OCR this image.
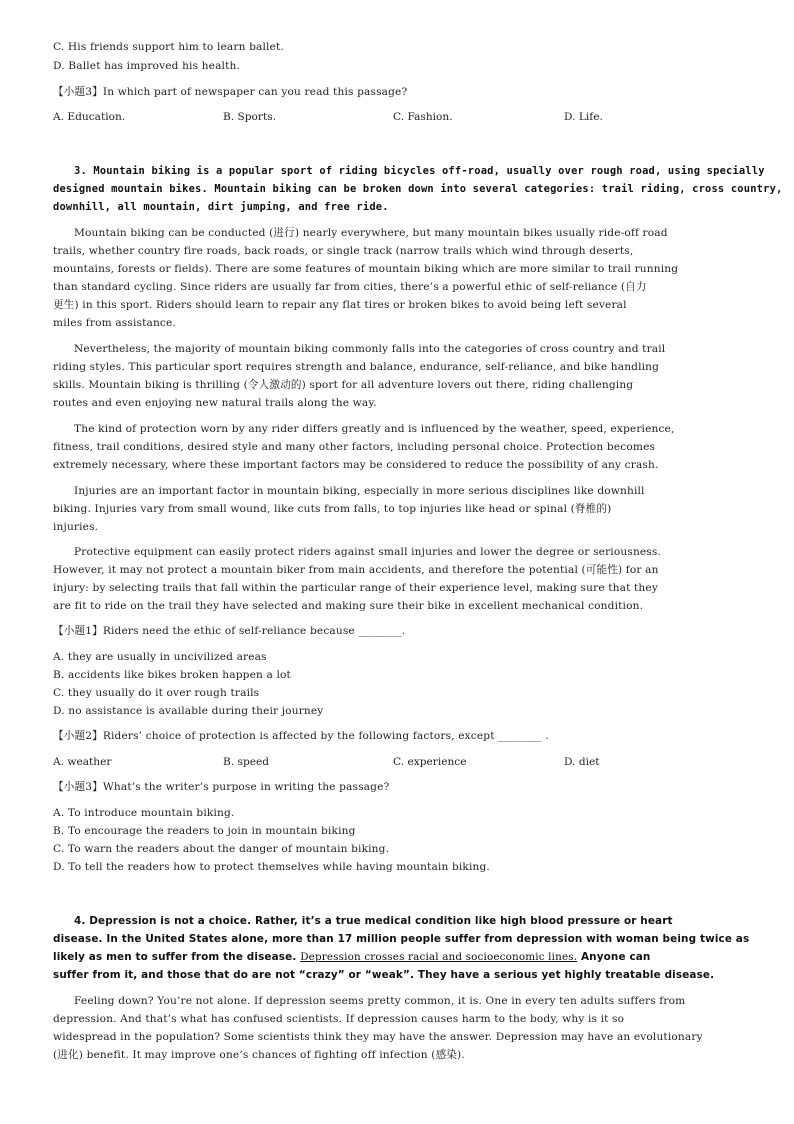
C. His friends support him to learn ballet.
D. Ballet has improved his health.
【小题3】In which part of newspaper can you read this passage?
A. Education.	B. Sports.	C. Fashion.	D. Life.
3. Mountain biking is a popular sport of riding bicycles off-road, usually over rough road, using specially
designed mountain bikes. Mountain biking can be broken down into several categories: trail riding, cross country,
downhill, all mountain, dirt jumping, and free ride.
Mountain biking can be conducted (进行) nearly everywhere, but many mountain bikes usually ride-off road
trails, whether country fire roads, back roads, or single track (narrow trails which wind through deserts,
mountains, forests or fields). There are some features of mountain biking which are more similar to trail running
than standard cycling. Since riders are usually far from cities, there’s a powerful ethic of self-reliance (自力
更生) in this sport. Riders should learn to repair any flat tires or broken bikes to avoid being left several
miles from assistance.
Nevertheless, the majority of mountain biking commonly falls into the categories of cross country and trail
riding styles. This particular sport requires strength and balance, endurance, self-reliance, and bike handling
skills. Mountain biking is thrilling (令人激动的) sport for all adventure lovers out there, riding challenging
routes and even enjoying new natural trails along the way.
The kind of protection worn by any rider differs greatly and is influenced by the weather, speed, experience,
fitness, trail conditions, desired style and many other factors, including personal choice. Protection becomes
extremely necessary, where these important factors may be considered to reduce the possibility of any crash.
Injuries are an important factor in mountain biking, especially in more serious disciplines like downhill
biking. Injuries vary from small wound, like cuts from falls, to top injuries like head or spinal (脊椎的)
injuries.
Protective equipment can easily protect riders against small injuries and lower the degree or seriousness.
However, it may not protect a mountain biker from main accidents, and therefore the potential (可能性) for an
injury: by selecting trails that fall within the particular range of their experience level, making sure that they
are fit to ride on the trail they have selected and making sure their bike in excellent mechanical condition.
【小题1】Riders need the ethic of self-reliance because ________.
A. they are usually in uncivilized areas
B. accidents like bikes broken happen a lot
C. they usually do it over rough trails
D. no assistance is available during their journey
【小题2】Riders’ choice of protection is affected by the following factors, except ________ .
A. weather	B. speed	C. experience	D. diet
【小题3】What’s the writer’s purpose in writing the passage?
A. To introduce mountain biking.
B. To encourage the readers to join in mountain biking
C. To warn the readers about the danger of mountain biking.
D. To tell the readers how to protect themselves while having mountain biking.
4. Depression is not a choice. Rather, it’s a true medical condition like high blood pressure or heart
disease. In the United States alone, more than 17 million people suffer from depression with woman being twice as
likely as men to suffer from the disease. Depression crosses racial and socioeconomic lines. Anyone can
suffer from it, and those that do are not “crazy” or “weak”. They have a serious yet highly treatable disease.
Feeling down? You’re not alone. If depression seems pretty common, it is. One in every ten adults suffers from
depression. And that’s what has confused scientists. If depression causes harm to the body, why is it so
widespread in the population? Some scientists think they may have the answer. Depression may have an evolutionary
(进化) benefit. It may improve one’s chances of fighting off infection (感染).
